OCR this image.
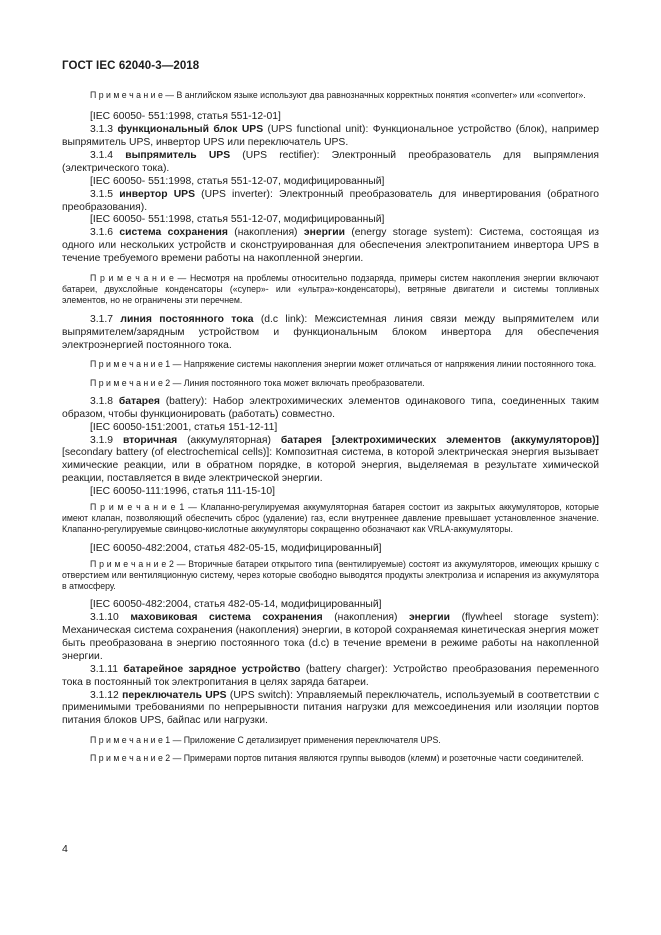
ГОСТ IEC 62040-3—2018

П р и м е ч а н и е — В английском языке используют два равнозначных корректных понятия «converter» или «convertor».

[IEC 60050- 551:1998, статья 551-12-01]

3.1.3 функциональный блок UPS (UPS functional unit): Функциональное устройство (блок), например выпрямитель UPS, инвертор UPS или переключатель UPS.

3.1.4 выпрямитель UPS (UPS rectifier): Электронный преобразователь для выпрямления (электрического тока).

[IEC 60050- 551:1998, статья 551-12-07, модифицированный]

3.1.5 инвертор UPS (UPS inverter): Электронный преобразователь для инвертирования (обратного преобразования).

[IEC 60050- 551:1998, статья 551-12-07, модифицированный]

3.1.6 система сохранения (накопления) энергии (energy storage system): Система, состоящая из одного или нескольких устройств и сконструированная для обеспечения электропитанием инвертора UPS в течение требуемого времени работы на накопленной энергии.

П р и м е ч а н и е — Несмотря на проблемы относительно подзаряда, примеры систем накопления энергии включают батареи, двухслойные конденсаторы («супер»- или «ультра»-конденсаторы), ветряные двигатели и системы топливных элементов, но не ограничены эти перечнем.

3.1.7 линия постоянного тока (d.c link): Межсистемная линия связи между выпрямителем или выпрямителем/зарядным устройством и функциональным блоком инвертора для обеспечения электроэнергией постоянного тока.

П р и м е ч а н и е 1 — Напряжение системы накопления энергии может отличаться от напряжения линии постоянного тока.

П р и м е ч а н и е 2 — Линия постоянного тока может включать преобразователи.

3.1.8 батарея (battery): Набор электрохимических элементов одинакового типа, соединенных таким образом, чтобы функционировать (работать) совместно.

[IEC 60050-151:2001, статья 151-12-11]

3.1.9 вторичная (аккумуляторная) батарея [электрохимических элементов (аккумуляторов)] [secondary battery (of electrochemical cells)]: Композитная система, в которой электрическая энергия вызывает химические реакции, или в обратном порядке, в которой энергия, выделяемая в результате химической реакции, поставляется в виде электрической энергии.

[IEC 60050-111:1996, статья 111-15-10]

П р и м е ч а н и е 1 — Клапанно-регулируемая аккумуляторная батарея состоит из закрытых аккумуляторов, которые имеют клапан, позволяющий обеспечить сброс (удаление) газ, если внутреннее давление превышает установленное значение. Клапанно-регулируемые свинцово-кислотные аккумуляторы сокращенно обозначают как VRLA-аккумуляторы.

[IEC 60050-482:2004, статья 482-05-15, модифицированный]

П р и м е ч а н и е 2 — Вторичные батареи открытого типа (вентилируемые) состоят из аккумуляторов, имеющих крышку с отверстием или вентиляционную систему, через которые свободно выводятся продукты электролиза и испарения из аккумулятора в атмосферу.

[IEC 60050-482:2004, статья 482-05-14, модифицированный]

3.1.10 маховиковая система сохранения (накопления) энергии (flywheel storage system): Механическая система сохранения (накопления) энергии, в которой сохраняемая кинетическая энергия может быть преобразована в энергию постоянного тока (d.c) в течение времени в режиме работы на накопленной энергии.

3.1.11 батарейное зарядное устройство (battery charger): Устройство преобразования переменного тока в постоянный ток электропитания в целях заряда батареи.

3.1.12 переключатель UPS (UPS switch): Управляемый переключатель, используемый в соответствии с применимыми требованиями по непрерывности питания нагрузки для межсоединения или изоляции портов питания блоков UPS, байпас или нагрузки.

П р и м е ч а н и е 1 — Приложение С детализирует применения переключателя UPS.

П р и м е ч а н и е 2 — Примерами портов питания являются группы выводов (клемм) и розеточные части соединителей.

4
